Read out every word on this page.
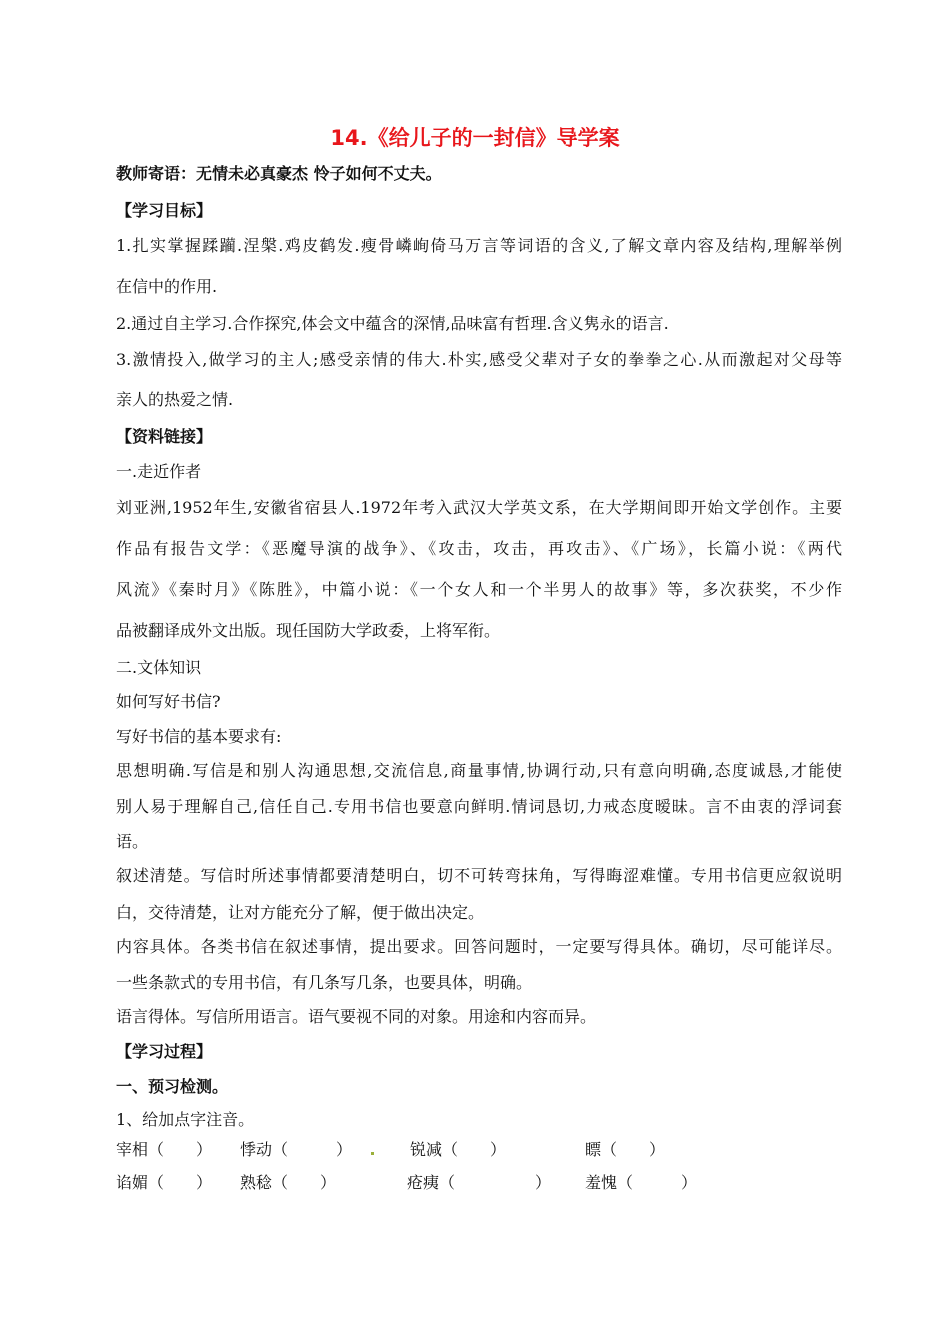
14.《给儿子的一封信》导学案
教师寄语：无情未必真豪杰 怜子如何不丈夫。
【学习目标】
1.扎实掌握蹂躏.涅槃.鸡皮鹤发.瘦骨嶙峋倚马万言等词语的含义,了解文章内容及结构,理解举例
在信中的作用.
2.通过自主学习.合作探究,体会文中蕴含的深情,品味富有哲理.含义隽永的语言.
3.激情投入,做学习的主人;感受亲情的伟大.朴实,感受父辈对子女的拳拳之心.从而激起对父母等
亲人的热爱之情.
【资料链接】
一.走近作者
刘亚洲,1952年生,安徽省宿县人.1972年考入武汉大学英文系，在大学期间即开始文学创作。主要
作品有报告文学：《恶魔导演的战争》、《攻击，攻击，再攻击》、《广场》，长篇小说：《两代
风流》《秦时月》《陈胜》，中篇小说：《一个女人和一个半男人的故事》等，多次获奖，不少作
品被翻译成外文出版。现任国防大学政委，上将军衔。
二.文体知识
如何写好书信?
写好书信的基本要求有:
思想明确.写信是和别人沟通思想,交流信息,商量事情,协调行动,只有意向明确,态度诚恳,才能使
别人易于理解自己,信任自己.专用书信也要意向鲜明.情词恳切,力戒态度暧昧。言不由衷的浮词套
语。
叙述清楚。写信时所述事情都要清楚明白，切不可转弯抹角，写得晦涩难懂。专用书信更应叙说明
白，交待清楚，让对方能充分了解，便于做出决定。
内容具体。各类书信在叙述事情，提出要求。回答问题时，一定要写得具体。确切，尽可能详尽。
一些条款式的专用书信，有几条写几条，也要具体，明确。
语言得体。写信所用语言。语气要视不同的对象。用途和内容而异。
【学习过程】
一、预习检测。
1、给加点字注音。
宰相（　　） 悸动（　　　）	锐减（　　）	瞟（　　）
谄媚（　　） 熟稔（　　）	疮痍（　　　　　） 羞愧（　　　）
